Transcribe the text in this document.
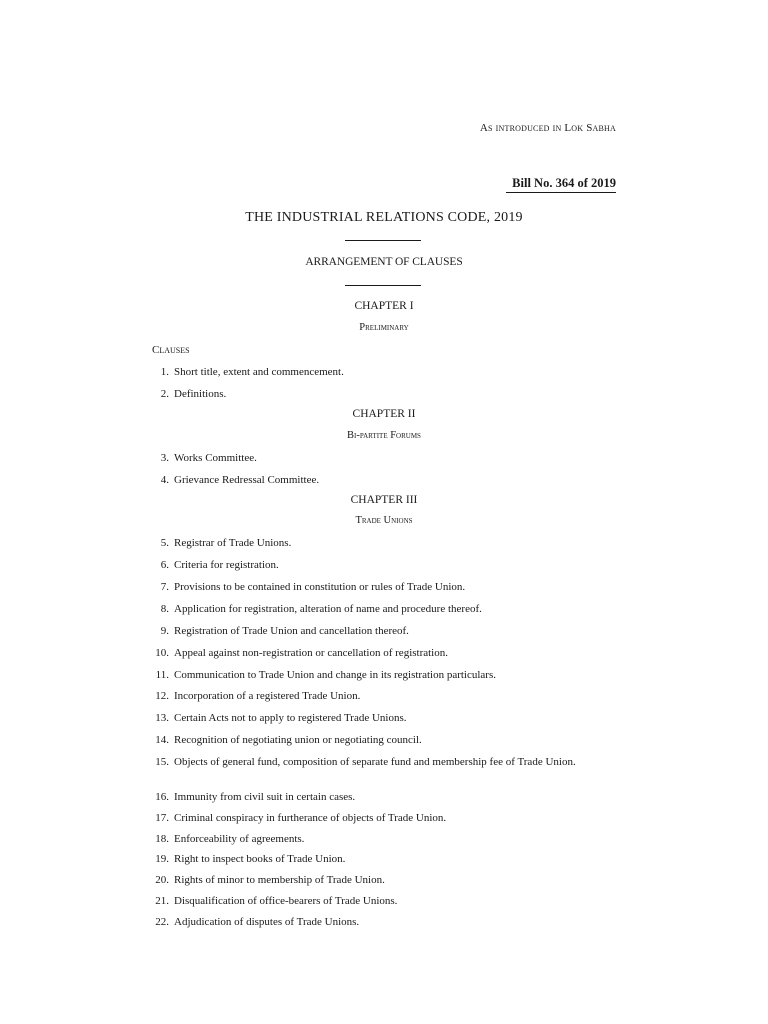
As introduced in Lok Sabha
Bill No. 364 of 2019
THE INDUSTRIAL RELATIONS CODE, 2019
ARRANGEMENT OF CLAUSES
CHAPTER I
Preliminary
Clauses
1. Short title, extent and commencement.
2. Definitions.
CHAPTER II
Bi-partite Forums
3. Works Committee.
4. Grievance Redressal Committee.
CHAPTER III
Trade Unions
5. Registrar of Trade Unions.
6. Criteria for registration.
7. Provisions to be contained in constitution or rules of Trade Union.
8. Application for registration, alteration of name and procedure thereof.
9. Registration of Trade Union and cancellation thereof.
10. Appeal against non-registration or cancellation of registration.
11. Communication to Trade Union and change in its registration particulars.
12. Incorporation of a registered Trade Union.
13. Certain Acts not to apply to registered Trade Unions.
14. Recognition of negotiating union or negotiating council.
15. Objects of general fund, composition of separate fund and membership fee of Trade Union.
16. Immunity from civil suit in certain cases.
17. Criminal conspiracy in furtherance of objects of Trade Union.
18. Enforceability of agreements.
19. Right to inspect books of Trade Union.
20. Rights of minor to membership of Trade Union.
21. Disqualification of office-bearers of Trade Unions.
22. Adjudication of disputes of Trade Unions.
